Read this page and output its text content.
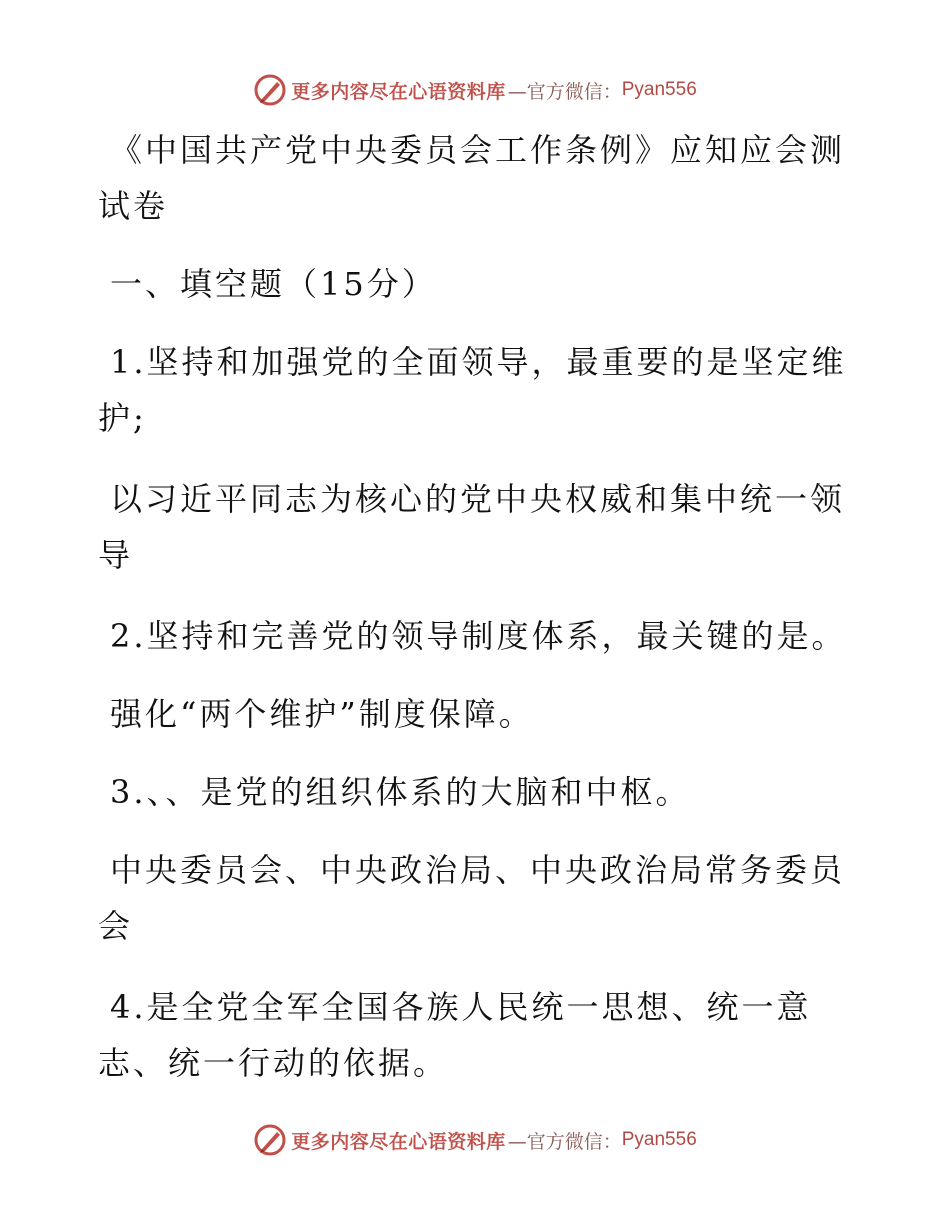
更多内容尽在心语资料库 —官方微信： Pyan556
《中国共产党中央委员会工作条例》应知应会测
试卷
一、填空题（15分）
1.坚持和加强党的全面领导，最重要的是坚定维
护;
以习近平同志为核心的党中央权威和集中统一领
导
2.坚持和完善党的领导制度体系，最关键的是。
强化“两个维护”制度保障。
3.、、是党的组织体系的大脑和中枢。
中央委员会、中央政治局、中央政治局常务委员
会
4.是全党全军全国各族人民统一思想、统一意
志、统一行动的依据。
更多内容尽在心语资料库 —官方微信： Pyan556
